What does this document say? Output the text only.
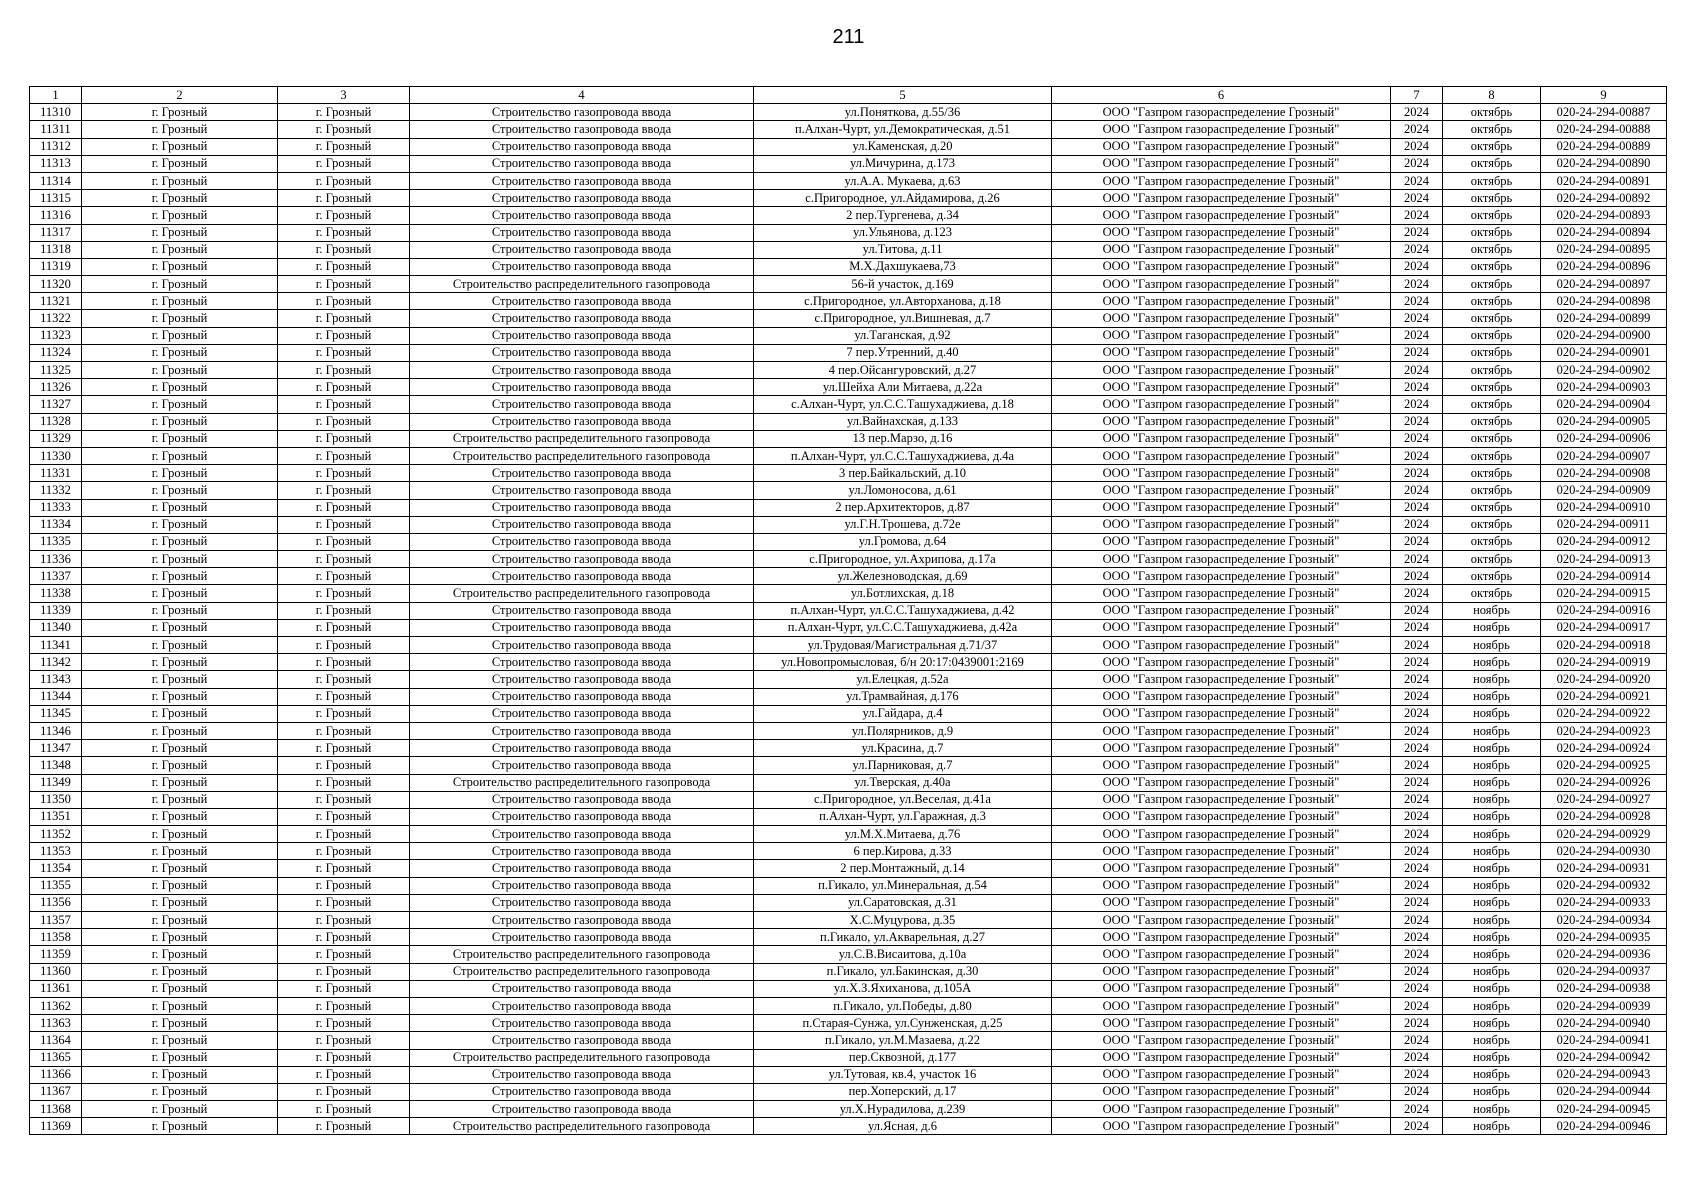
211
1	2	3	4	5	6	7	8	9
11310	г. Грозный	г. Грозный	Строительство газопровода ввода	ул.Поняткова, д.55/36	ООО "Газпром газораспределение Грозный"	2024	октябрь	020-24-294-00887
11311	г. Грозный	г. Грозный	Строительство газопровода ввода	п.Алхан-Чурт, ул.Демократическая, д.51	ООО "Газпром газораспределение Грозный"	2024	октябрь	020-24-294-00888
11312	г. Грозный	г. Грозный	Строительство газопровода ввода	ул.Каменская, д.20	ООО "Газпром газораспределение Грозный"	2024	октябрь	020-24-294-00889
11313	г. Грозный	г. Грозный	Строительство газопровода ввода	ул.Мичурина, д.173	ООО "Газпром газораспределение Грозный"	2024	октябрь	020-24-294-00890
11314	г. Грозный	г. Грозный	Строительство газопровода ввода	ул.А.А. Мукаева, д.63	ООО "Газпром газораспределение Грозный"	2024	октябрь	020-24-294-00891
11315	г. Грозный	г. Грозный	Строительство газопровода ввода	с.Пригородное, ул.Айдамирова, д.26	ООО "Газпром газораспределение Грозный"	2024	октябрь	020-24-294-00892
11316	г. Грозный	г. Грозный	Строительство газопровода ввода	2 пер.Тургенева, д.34	ООО "Газпром газораспределение Грозный"	2024	октябрь	020-24-294-00893
11317	г. Грозный	г. Грозный	Строительство газопровода ввода	ул.Ульянова, д.123	ООО "Газпром газораспределение Грозный"	2024	октябрь	020-24-294-00894
11318	г. Грозный	г. Грозный	Строительство газопровода ввода	ул.Титова, д.11	ООО "Газпром газораспределение Грозный"	2024	октябрь	020-24-294-00895
11319	г. Грозный	г. Грозный	Строительство газопровода ввода	М.Х.Дахшукаева,73	ООО "Газпром газораспределение Грозный"	2024	октябрь	020-24-294-00896
11320	г. Грозный	г. Грозный	Строительство распределительного газопровода	56-й участок, д.169	ООО "Газпром газораспределение Грозный"	2024	октябрь	020-24-294-00897
11321	г. Грозный	г. Грозный	Строительство газопровода ввода	с.Пригородное, ул.Авторханова, д.18	ООО "Газпром газораспределение Грозный"	2024	октябрь	020-24-294-00898
11322	г. Грозный	г. Грозный	Строительство газопровода ввода	с.Пригородное, ул.Вишневая, д.7	ООО "Газпром газораспределение Грозный"	2024	октябрь	020-24-294-00899
11323	г. Грозный	г. Грозный	Строительство газопровода ввода	ул.Таганская, д.92	ООО "Газпром газораспределение Грозный"	2024	октябрь	020-24-294-00900
11324	г. Грозный	г. Грозный	Строительство газопровода ввода	7 пер.Утренний, д.40	ООО "Газпром газораспределение Грозный"	2024	октябрь	020-24-294-00901
11325	г. Грозный	г. Грозный	Строительство газопровода ввода	4 пер.Ойсангуровский, д.27	ООО "Газпром газораспределение Грозный"	2024	октябрь	020-24-294-00902
11326	г. Грозный	г. Грозный	Строительство газопровода ввода	ул.Шейха Али Митаева, д.22а	ООО "Газпром газораспределение Грозный"	2024	октябрь	020-24-294-00903
11327	г. Грозный	г. Грозный	Строительство газопровода ввода	с.Алхан-Чурт, ул.С.С.Ташухаджиева, д.18	ООО "Газпром газораспределение Грозный"	2024	октябрь	020-24-294-00904
11328	г. Грозный	г. Грозный	Строительство газопровода ввода	ул.Вайнахская, д.133	ООО "Газпром газораспределение Грозный"	2024	октябрь	020-24-294-00905
11329	г. Грозный	г. Грозный	Строительство распределительного газопровода	13 пер.Марзо, д.16	ООО "Газпром газораспределение Грозный"	2024	октябрь	020-24-294-00906
11330	г. Грозный	г. Грозный	Строительство распределительного газопровода	п.Алхан-Чурт, ул.С.С.Ташухаджиева, д.4а	ООО "Газпром газораспределение Грозный"	2024	октябрь	020-24-294-00907
11331	г. Грозный	г. Грозный	Строительство газопровода ввода	3 пер.Байкальский, д.10	ООО "Газпром газораспределение Грозный"	2024	октябрь	020-24-294-00908
11332	г. Грозный	г. Грозный	Строительство газопровода ввода	ул.Ломоносова, д.61	ООО "Газпром газораспределение Грозный"	2024	октябрь	020-24-294-00909
11333	г. Грозный	г. Грозный	Строительство газопровода ввода	2 пер.Архитекторов, д.87	ООО "Газпром газораспределение Грозный"	2024	октябрь	020-24-294-00910
11334	г. Грозный	г. Грозный	Строительство газопровода ввода	ул.Г.Н.Трошева, д.72е	ООО "Газпром газораспределение Грозный"	2024	октябрь	020-24-294-00911
11335	г. Грозный	г. Грозный	Строительство газопровода ввода	ул.Громова, д.64	ООО "Газпром газораспределение Грозный"	2024	октябрь	020-24-294-00912
11336	г. Грозный	г. Грозный	Строительство газопровода ввода	с.Пригородное, ул.Ахрипова, д.17а	ООО "Газпром газораспределение Грозный"	2024	октябрь	020-24-294-00913
11337	г. Грозный	г. Грозный	Строительство газопровода ввода	ул.Железноводская, д.69	ООО "Газпром газораспределение Грозный"	2024	октябрь	020-24-294-00914
11338	г. Грозный	г. Грозный	Строительство распределительного газопровода	ул.Ботлихская, д.18	ООО "Газпром газораспределение Грозный"	2024	октябрь	020-24-294-00915
11339	г. Грозный	г. Грозный	Строительство газопровода ввода	п.Алхан-Чурт, ул.С.С.Ташухаджиева, д.42	ООО "Газпром газораспределение Грозный"	2024	ноябрь	020-24-294-00916
11340	г. Грозный	г. Грозный	Строительство газопровода ввода	п.Алхан-Чурт, ул.С.С.Ташухаджиева, д.42а	ООО "Газпром газораспределение Грозный"	2024	ноябрь	020-24-294-00917
11341	г. Грозный	г. Грозный	Строительство газопровода ввода	ул.Трудовая/Магистральная д.71/37	ООО "Газпром газораспределение Грозный"	2024	ноябрь	020-24-294-00918
11342	г. Грозный	г. Грозный	Строительство газопровода ввода	ул.Новопромысловая, б/н 20:17:0439001:2169	ООО "Газпром газораспределение Грозный"	2024	ноябрь	020-24-294-00919
11343	г. Грозный	г. Грозный	Строительство газопровода ввода	ул.Елецкая, д.52а	ООО "Газпром газораспределение Грозный"	2024	ноябрь	020-24-294-00920
11344	г. Грозный	г. Грозный	Строительство газопровода ввода	ул.Трамвайная, д.176	ООО "Газпром газораспределение Грозный"	2024	ноябрь	020-24-294-00921
11345	г. Грозный	г. Грозный	Строительство газопровода ввода	ул.Гайдара, д.4	ООО "Газпром газораспределение Грозный"	2024	ноябрь	020-24-294-00922
11346	г. Грозный	г. Грозный	Строительство газопровода ввода	ул.Полярников, д.9	ООО "Газпром газораспределение Грозный"	2024	ноябрь	020-24-294-00923
11347	г. Грозный	г. Грозный	Строительство газопровода ввода	ул.Красина, д.7	ООО "Газпром газораспределение Грозный"	2024	ноябрь	020-24-294-00924
11348	г. Грозный	г. Грозный	Строительство газопровода ввода	ул.Парниковая, д.7	ООО "Газпром газораспределение Грозный"	2024	ноябрь	020-24-294-00925
11349	г. Грозный	г. Грозный	Строительство распределительного газопровода	ул.Тверская, д.40а	ООО "Газпром газораспределение Грозный"	2024	ноябрь	020-24-294-00926
11350	г. Грозный	г. Грозный	Строительство газопровода ввода	с.Пригородное, ул.Веселая, д.41а	ООО "Газпром газораспределение Грозный"	2024	ноябрь	020-24-294-00927
11351	г. Грозный	г. Грозный	Строительство газопровода ввода	п.Алхан-Чурт, ул.Гаражная, д.3	ООО "Газпром газораспределение Грозный"	2024	ноябрь	020-24-294-00928
11352	г. Грозный	г. Грозный	Строительство газопровода ввода	ул.М.Х.Митаева, д.76	ООО "Газпром газораспределение Грозный"	2024	ноябрь	020-24-294-00929
11353	г. Грозный	г. Грозный	Строительство газопровода ввода	6 пер.Кирова, д.33	ООО "Газпром газораспределение Грозный"	2024	ноябрь	020-24-294-00930
11354	г. Грозный	г. Грозный	Строительство газопровода ввода	2 пер.Монтажный, д.14	ООО "Газпром газораспределение Грозный"	2024	ноябрь	020-24-294-00931
11355	г. Грозный	г. Грозный	Строительство газопровода ввода	п.Гикало, ул.Минеральная, д.54	ООО "Газпром газораспределение Грозный"	2024	ноябрь	020-24-294-00932
11356	г. Грозный	г. Грозный	Строительство газопровода ввода	ул.Саратовская, д.31	ООО "Газпром газораспределение Грозный"	2024	ноябрь	020-24-294-00933
11357	г. Грозный	г. Грозный	Строительство газопровода ввода	Х.С.Муцурова, д.35	ООО "Газпром газораспределение Грозный"	2024	ноябрь	020-24-294-00934
11358	г. Грозный	г. Грозный	Строительство газопровода ввода	п.Гикало, ул.Акварельная, д.27	ООО "Газпром газораспределение Грозный"	2024	ноябрь	020-24-294-00935
11359	г. Грозный	г. Грозный	Строительство распределительного газопровода	ул.С.В.Висаитова, д.10а	ООО "Газпром газораспределение Грозный"	2024	ноябрь	020-24-294-00936
11360	г. Грозный	г. Грозный	Строительство распределительного газопровода	п.Гикало, ул.Бакинская, д.30	ООО "Газпром газораспределение Грозный"	2024	ноябрь	020-24-294-00937
11361	г. Грозный	г. Грозный	Строительство газопровода ввода	ул.Х.З.Яхиханова, д.105А	ООО "Газпром газораспределение Грозный"	2024	ноябрь	020-24-294-00938
11362	г. Грозный	г. Грозный	Строительство газопровода ввода	п.Гикало, ул.Победы, д.80	ООО "Газпром газораспределение Грозный"	2024	ноябрь	020-24-294-00939
11363	г. Грозный	г. Грозный	Строительство газопровода ввода	п.Старая-Сунжа, ул.Сунженская, д.25	ООО "Газпром газораспределение Грозный"	2024	ноябрь	020-24-294-00940
11364	г. Грозный	г. Грозный	Строительство газопровода ввода	п.Гикало, ул.М.Мазаева, д.22	ООО "Газпром газораспределение Грозный"	2024	ноябрь	020-24-294-00941
11365	г. Грозный	г. Грозный	Строительство распределительного газопровода	пер.Сквозной, д.177	ООО "Газпром газораспределение Грозный"	2024	ноябрь	020-24-294-00942
11366	г. Грозный	г. Грозный	Строительство газопровода ввода	ул.Тутовая, кв.4, участок 16	ООО "Газпром газораспределение Грозный"	2024	ноябрь	020-24-294-00943
11367	г. Грозный	г. Грозный	Строительство газопровода ввода	пер.Хоперский, д.17	ООО "Газпром газораспределение Грозный"	2024	ноябрь	020-24-294-00944
11368	г. Грозный	г. Грозный	Строительство газопровода ввода	ул.Х.Нурадилова, д.239	ООО "Газпром газораспределение Грозный"	2024	ноябрь	020-24-294-00945
11369	г. Грозный	г. Грозный	Строительство распределительного газопровода	ул.Ясная, д.6	ООО "Газпром газораспределение Грозный"	2024	ноябрь	020-24-294-00946
